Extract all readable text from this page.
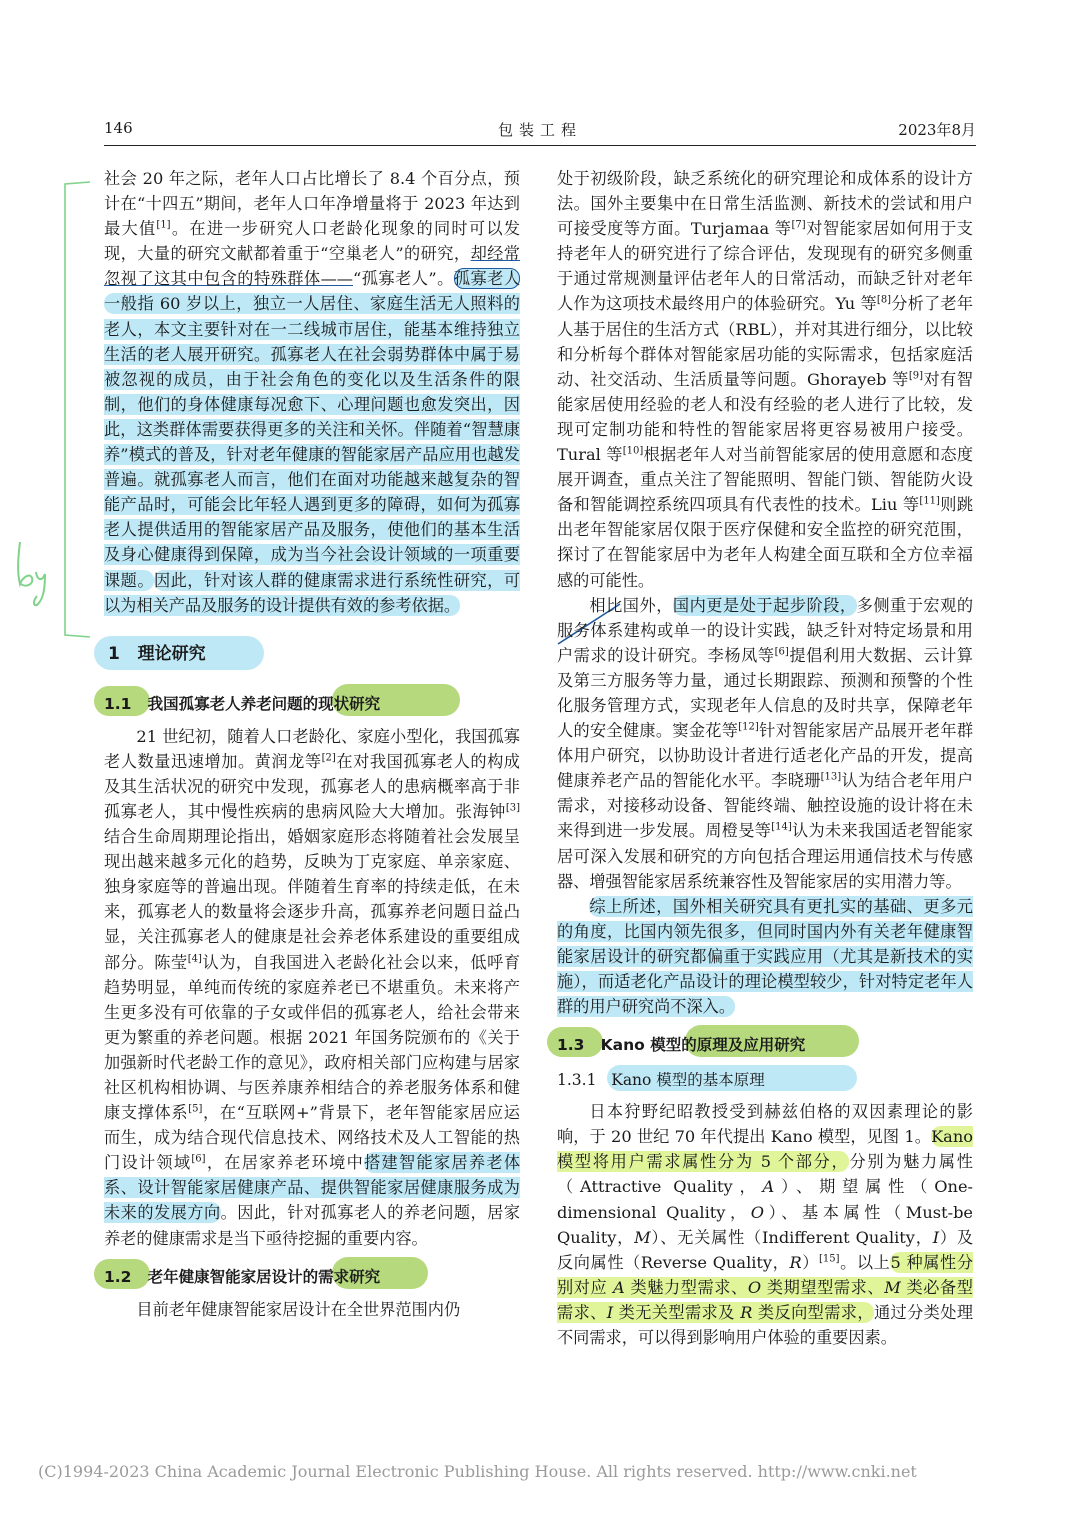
146	包装工程	2023年8月

社会 20 年之际，老年人口占比增长了 8.4 个百分点，预计在“十四五”期间，老年人口年净增量将于 2023 年达到最大值[1]。在进一步研究人口老龄化现象的同时可以发现，大量的研究文献都着重于“空巢老人”的研究，却经常忽视了这其中包含的特殊群体——“孤寡老人”。孤寡老人一般指 60 岁以上，独立一人居住、家庭生活无人照料的老人，本文主要针对在一二线城市居住，能基本维持独立生活的老人展开研究。孤寡老人在社会弱势群体中属于易被忽视的成员，由于社会角色的变化以及生活条件的限制，他们的身体健康每况愈下、心理问题也愈发突出，因此，这类群体需要获得更多的关注和关怀。伴随着“智慧康养”模式的普及，针对老年健康的智能家居产品应用也越发普遍。就孤寡老人而言，他们在面对功能越来越复杂的智能产品时，可能会比年轻人遇到更多的障碍，如何为孤寡老人提供适用的智能家居产品及服务，使他们的基本生活及身心健康得到保障，成为当今社会设计领域的一项重要课题。因此，针对该人群的健康需求进行系统性研究，可以为相关产品及服务的设计提供有效的参考依据。

1 理论研究
1.1 我国孤寡老人养老问题的现状研究

21 世纪初，随着人口老龄化、家庭小型化，我国孤寡老人数量迅速增加。黄润龙等[2]在对我国孤寡老人的构成及其生活状况的研究中发现，孤寡老人的患病概率高于非孤寡老人，其中慢性疾病的患病风险大大增加。张海钟[3]结合生命周期理论指出，婚姻家庭形态将随着社会发展呈现出越来越多元化的趋势，反映为丁克家庭、单亲家庭、独身家庭等的普遍出现。伴随着生育率的持续走低，在未来，孤寡老人的数量将会逐步升高，孤寡养老问题日益凸显，关注孤寡老人的健康是社会养老体系建设的重要组成部分。陈莹[4]认为，自我国进入老龄化社会以来，低呼育趋势明显，单纯而传统的家庭养老已不堪重负。未来将产生更多没有可依靠的子女或伴侣的孤寡老人，给社会带来更为繁重的养老问题。根据 2021 年国务院颁布的《关于加强新时代老龄工作的意见》，政府相关部门应构建与居家社区机构相协调、与医养康养相结合的养老服务体系和健康支撑体系[5]，在“互联网+”背景下，老年智能家居应运而生，成为结合现代信息技术、网络技术及人工智能的热门设计领域[6]，在居家养老环境中搭建智能家居养老体系、设计智能家居健康产品、提供智能家居健康服务成为未来的发展方向。因此，针对孤寡老人的养老问题，居家养老的健康需求是当下亟待挖掘的重要内容。

1.2 老年健康智能家居设计的需求研究

目前老年健康智能家居设计在全世界范围内仍

处于初级阶段，缺乏系统化的研究理论和成体系的设计方法。国外主要集中在日常生活监测、新技术的尝试和用户可接受度等方面。Turjamaa 等[7]对智能家居如何用于支持老年人的研究进行了综合评估，发现现有的研究多侧重于通过常规测量评估老年人的日常活动，而缺乏针对老年人作为这项技术最终用户的体验研究。Yu 等[8]分析了老年人基于居住的生活方式（RBL），并对其进行细分，以比较和分析每个群体对智能家居功能的实际需求，包括家庭活动、社交活动、生活质量等问题。Ghorayeb 等[9]对有智能家居使用经验的老人和没有经验的老人进行了比较，发现可定制功能和特性的智能家居将更容易被用户接受。Tural 等[10]根据老年人对当前智能家居的使用意愿和态度展开调查，重点关注了智能照明、智能门锁、智能防火设备和智能调控系统四项具有代表性的技术。Liu 等[11]则跳出老年智能家居仅限于医疗保健和安全监控的研究范围，探讨了在智能家居中为老年人构建全面互联和全方位幸福感的可能性。

相比国外，国内更是处于起步阶段，多侧重于宏观的服务体系建构或单一的设计实践，缺乏针对特定场景和用户需求的设计研究。李杨凤等[6]提倡利用大数据、云计算及第三方服务等力量，通过长期跟踪、预测和预警的个性化服务管理方式，实现老年人信息的及时共享，保障老年人的安全健康。窦金花等[12]针对智能家居产品展开老年群体用户研究，以协助设计者进行适老化产品的开发，提高健康养老产品的智能化水平。李晓珊[13]认为结合老年用户需求，对接移动设备、智能终端、触控设施的设计将在未来得到进一步发展。周橙旻等[14]认为未来我国适老智能家居可深入发展和研究的方向包括合理运用通信技术与传感器、增强智能家居系统兼容性及智能家居的实用潜力等。

综上所述，国外相关研究具有更扎实的基础、更多元的角度，比国内领先很多，但同时国内外有关老年健康智能家居设计的研究都偏重于实践应用（尤其是新技术的实施），而适老化产品设计的理论模型较少，针对特定老年人群的用户研究尚不深入。

1.3 Kano 模型的原理及应用研究
1.3.1 Kano 模型的基本原理

日本狩野纪昭教授受到赫兹伯格的双因素理论的影响，于 20 世纪 70 年代提出 Kano 模型，见图 1。Kano 模型将用户需求属性分为 5 个部分，分别为魅力属性（Attractive Quality，A）、期望属性（One-dimensional Quality，O）、基本属性（Must-be Quality，M）、无关属性（Indifferent Quality，I）及反向属性（Reverse Quality，R）[15]。以上5 种属性分别对应 A 类魅力型需求、O 类期望型需求、M 类必备型需求、I 类无关型需求及 R 类反向型需求，通过分类处理不同需求，可以得到影响用户体验的重要因素。

(C)1994-2023 China Academic Journal Electronic Publishing House. All rights reserved. http://www.cnki.net
